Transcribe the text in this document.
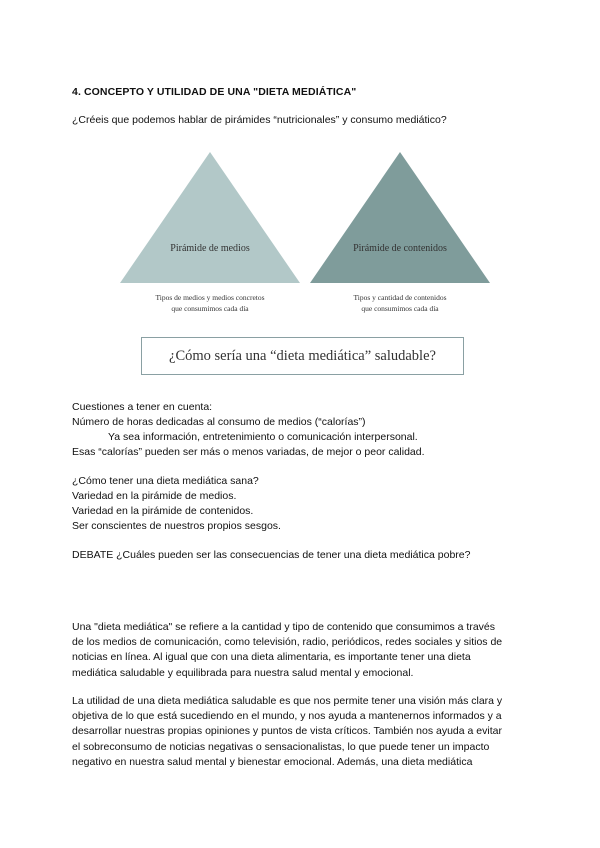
4. CONCEPTO Y UTILIDAD DE UNA "DIETA MEDIÁTICA"
¿Créeis que podemos hablar de pirámides “nutricionales” y consumo mediático?
Pirámide de medios	Pirámide de contenidos
Tipos de medios y medios concretos
que consumimos cada día
Tipos y cantidad de contenidos
que consumimos cada día
¿Cómo sería una “dieta mediática” saludable?
Cuestiones a tener en cuenta:
Número de horas dedicadas al consumo de medios (“calorías”)
Ya sea información, entretenimiento o comunicación interpersonal.
Esas “calorías” pueden ser más o menos variadas, de mejor o peor calidad.
¿Cómo tener una dieta mediática sana?
Variedad en la pirámide de medios.
Variedad en la pirámide de contenidos.
Ser conscientes de nuestros propios sesgos.
DEBATE ¿Cuáles pueden ser las consecuencias de tener una dieta mediática pobre?
Una "dieta mediática" se refiere a la cantidad y tipo de contenido que consumimos a través
de los medios de comunicación, como televisión, radio, periódicos, redes sociales y sitios de
noticias en línea. Al igual que con una dieta alimentaria, es importante tener una dieta
mediática saludable y equilibrada para nuestra salud mental y emocional.
La utilidad de una dieta mediática saludable es que nos permite tener una visión más clara y
objetiva de lo que está sucediendo en el mundo, y nos ayuda a mantenernos informados y a
desarrollar nuestras propias opiniones y puntos de vista críticos. También nos ayuda a evitar
el sobreconsumo de noticias negativas o sensacionalistas, lo que puede tener un impacto
negativo en nuestra salud mental y bienestar emocional. Además, una dieta mediática
